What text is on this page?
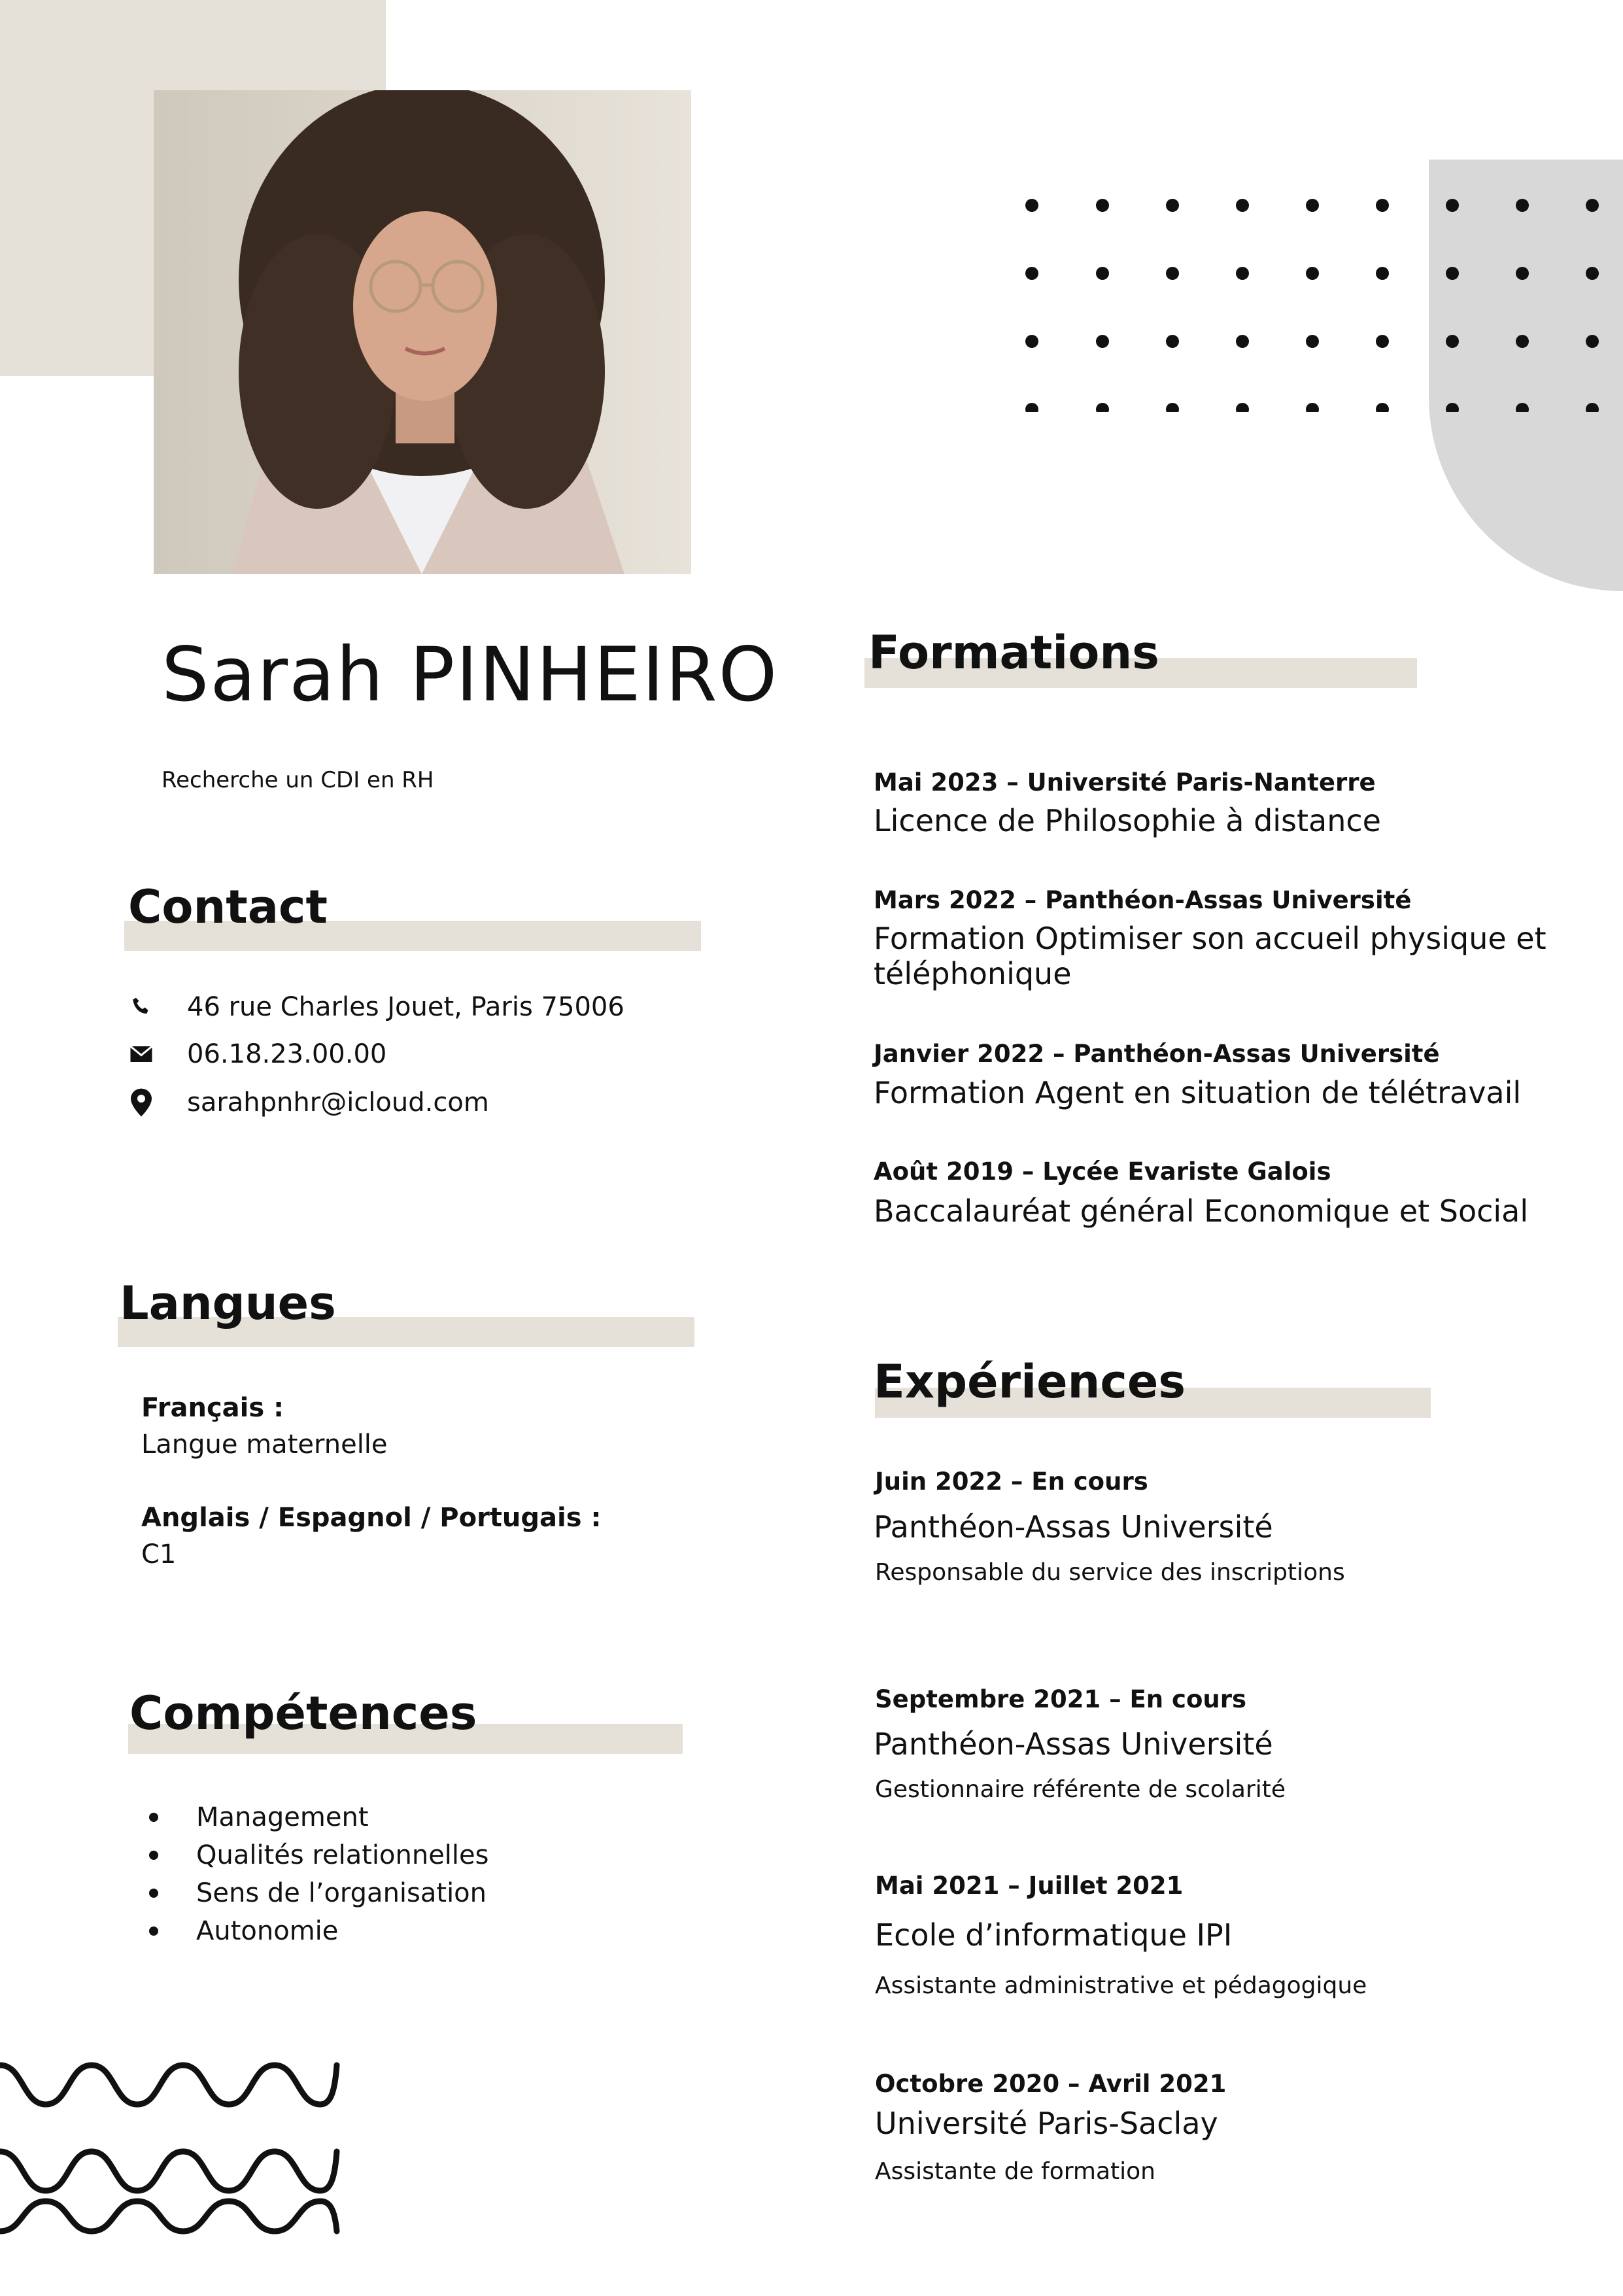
Sarah PINHEIRO
Recherche un CDI en RH
Contact
46 rue Charles Jouet, Paris 75006
06.18.23.00.00
sarahpnhr@icloud.com
Langues
Français :
Langue maternelle
Anglais / Espagnol / Portugais :
C1
Compétences
Management
Qualités relationnelles
Sens de l’organisation
Autonomie
Formations
Mai 2023 – Université Paris-Nanterre
Licence de Philosophie à distance
Mars 2022 – Panthéon-Assas Université
Formation Optimiser son accueil physique et
téléphonique
Janvier 2022 – Panthéon-Assas Université
Formation Agent en situation de télétravail
Août 2019 – Lycée Evariste Galois
Baccalauréat général Economique et Social
Expériences
Juin 2022 – En cours
Panthéon-Assas Université
Responsable du service des inscriptions
Septembre 2021 – En cours
Panthéon-Assas Université
Gestionnaire référente de scolarité
Mai 2021 – Juillet 2021
Ecole d’informatique IPI
Assistante administrative et pédagogique
Octobre 2020 – Avril 2021
Université Paris-Saclay
Assistante de formation
